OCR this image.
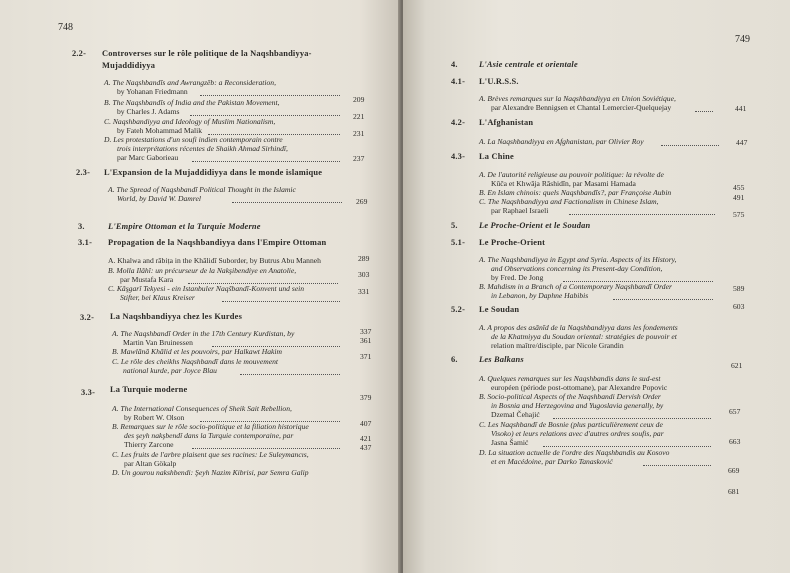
748
2.2- Controverses sur le rôle politique de la Naqshbandiyya-
Mujaddidiyya
A. The Naqshbandīs and Awrangzēb: a Reconsideration,
by Yohanan Friedmann
209
B. The Naqshbandīs of India and the Pakistan Movement,
by Charles J. Adams
221
C. Naqshbandiyya and Ideology of Muslim Nationalism,
by Fateh Mohammad Malik	231
D. Les protestations d'un soufi indien contemporain contre
trois interprétations récentes de Shaikh Ahmad Sirhindī,
par Marc Gaborieau	237
2.3- L'Expansion de la Mujaddidiyya dans le monde islamique
A. The Spread of Naqshbandī Political Thought in the Islamic
World, by David W. Damrel	269
3.	L'Empire Ottoman et la Turquie Moderne
3.1- Propagation de la Naqshbandiyya dans l'Empire Ottoman
A. Khalwa and rābiṭa in the Khālidī Suborder, by Butrus Abu Manneh	289
B. Molla Ilâhî: un précurseur de la Nakşibendiye en Anatolie,
par Mustafa Kara
303
C. Kâşgarî Tekyesi - ein Istanbuler Naqšbandī-Konvent und sein
Stifter, bei Klaus Kreiser
331
3.2- La Naqshbandiyya chez les Kurdes
A. The Naqshbandī Order in the 17th Century Kurdistan, by
Martin Van Bruinessen
337
B. Mawlānā Khālid et les pouvoirs, par Halkawt Hakim
361
C. Le rôle des cheikhs Naqshbandī dans le mouvement
national kurde, par Joyce Blau
371
3.3- La Turquie moderne
A. The International Consequences of Sheik Sait Rebellion,
by Robert W. Olson
379
B. Remarques sur le rôle socio-politique et la filiation historique
des şeyh nakşbendî dans la Turquie contemporaine, par
Thierry Zarcone
407
C. Les fruits de l'arbre plaisent que ses racines: Le Suleymancıs,
par Altan Gökalp
421
D. Un gourou nakshbendi: Şeyh Nazim Kibrisi, par Semra Galip
437
749
4.	L'Asie centrale et orientale
4.1- L'U.R.S.S.
A. Brèves remarques sur la Naqshbandiyya en Union Soviétique,
par Alexandre Bennigsen et Chantal Lemercier-Quelquejay	441
4.2- L'Afghanistan
A. La Naqshbandiyya en Afghanistan, par Olivier Roy	447
4.3- La Chine
A. De l'autorité religieuse au pouvoir politique: la révolte de
Kūča et Khwāja Rāshidīn, par Masami Hamada	455
B. En Islam chinois: quels Naqshbandīs?, par Françoise Aubin
491
C. The Naqshbandiyya and Factionalism in Chinese Islam,
par Raphael Israeli	575
5.	Le Proche-Orient et le Soudan
5.1- Le Proche-Orient
A. The Naqshbandiyya in Egypt and Syria. Aspects of its History,
and Observations concerning its Present-day Condition,
by Fred. De Jong
589
B. Mahdism in a Branch of a Contemporary Naqshbandī Order
in Lebanon, by Daphne Habibis
603
5.2- Le Soudan
A. A propos des asānīd de la Naqshbandiyya dans les fondements
de la Khatmiyya du Soudan oriental: stratégies de pouvoir et
relation maître/disciple, par Nicole Grandin
621
6.	Les Balkans
A. Quelques remarques sur les Naqshbandis dans le sud-est
européen (période post-ottomane), par Alexandre Popovic
657
B. Socio-political Aspects of the Naqshbandi Dervish Order
in Bosnia and Herzegovina and Yugoslavia generally, by
Dzemal Čehajić
663
C. Les Naqshbandī de Bosnie (plus particulièrement ceux de
Visoko) et leurs relations avec d'autres ordres soufis, par
Jasna Šamić
669
D. La situation actuelle de l'ordre des Naqshbandis au Kosovo
et en Macédoine, par Darko Tanasković
681
